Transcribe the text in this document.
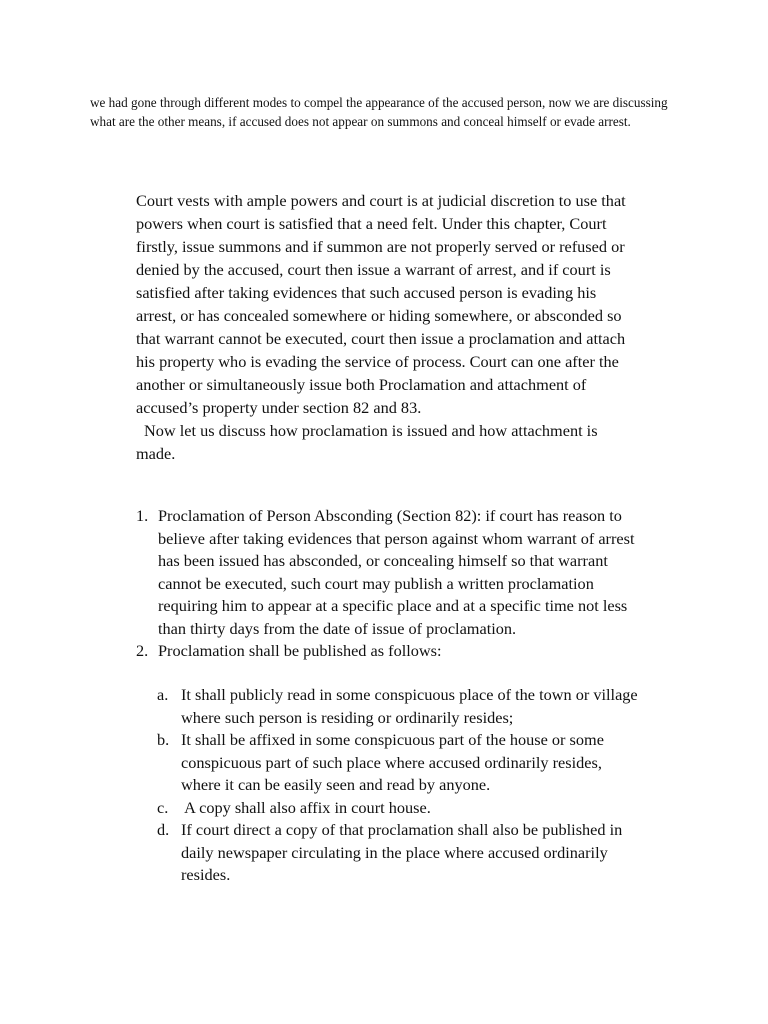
we had gone through different modes to compel the appearance of the accused person, now we are discussing what are the other means, if accused does not appear on summons and conceal himself or evade arrest.

Court vests with ample powers and court is at judicial discretion to use that
powers when court is satisfied that a need felt. Under this chapter, Court
firstly, issue summons and if summon are not properly served or refused or
denied by the accused, court then issue a warrant of arrest, and if court is
satisfied after taking evidences that such accused person is evading his
arrest, or has concealed somewhere or hiding somewhere, or absconded so
that warrant cannot be executed, court then issue a proclamation and attach
his property who is evading the service of process. Court can one after the
another or simultaneously issue both Proclamation and attachment of
accused’s property under section 82 and 83.
Now let us discuss how proclamation is issued and how attachment is
made.

1. Proclamation of Person Absconding (Section 82): if court has reason to
believe after taking evidences that person against whom warrant of arrest
has been issued has absconded, or concealing himself so that warrant
cannot be executed, such court may publish a written proclamation
requiring him to appear at a specific place and at a specific time not less
than thirty days from the date of issue of proclamation.
2. Proclamation shall be published as follows:
a. It shall publicly read in some conspicuous place of the town or village
where such person is residing or ordinarily resides;
b. It shall be affixed in some conspicuous part of the house or some
conspicuous part of such place where accused ordinarily resides,
where it can be easily seen and read by anyone.
c. A copy shall also affix in court house.
d. If court direct a copy of that proclamation shall also be published in
daily newspaper circulating in the place where accused ordinarily
resides.
